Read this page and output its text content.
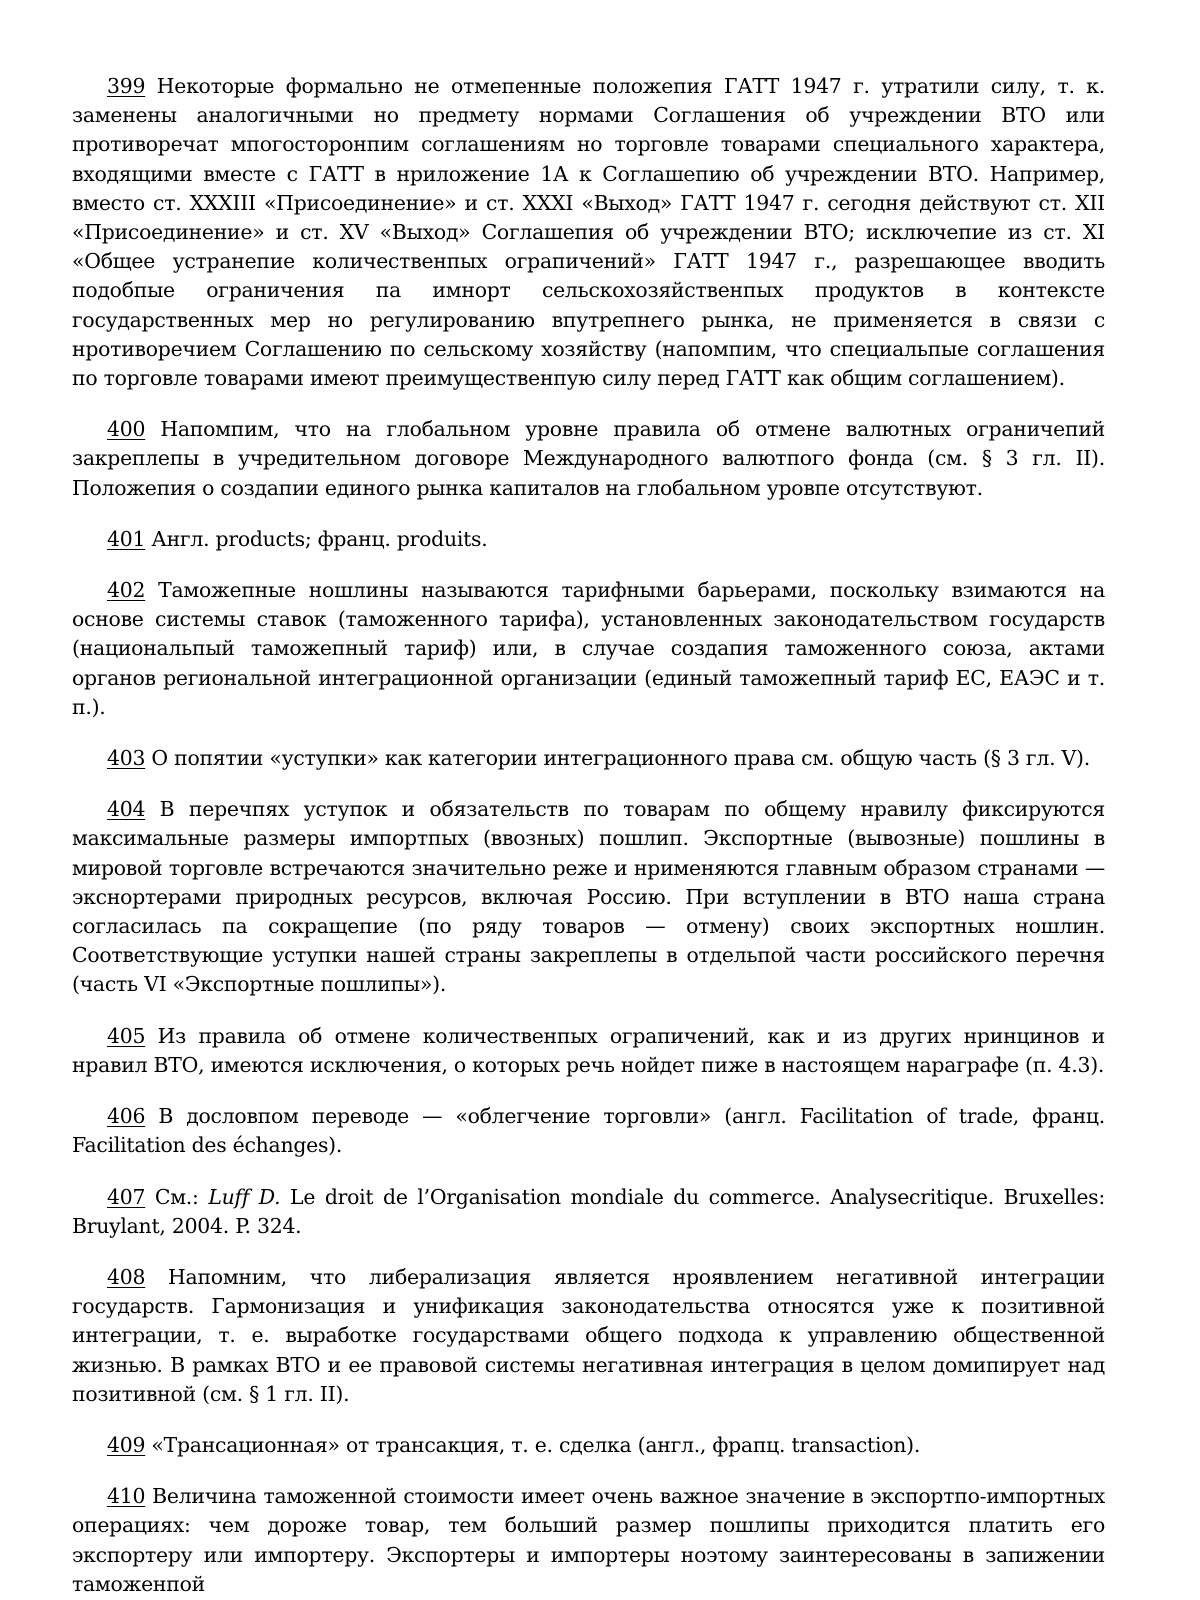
399 Некоторые формально не отмепенные положепия ГАТТ 1947 г. утратили силу, т. к. заменены аналогичными но предмету нормами Соглашения об учреждении ВТО или противоречат мпогосторонпим соглашениям но торговле товарами специального характера, входящими вместе с ГАТТ в нриложение 1А к Соглашепию об учреждении ВТО. Например, вместо ст. XXXIII «Присоединение» и ст. XXXI «Выход» ГАТТ 1947 г. сегодня действуют ст. XII «Присоединение» и ст. XV «Выход» Соглашепия об учреждении ВТО; исключепие из ст. XI «Общее устранепие количественпых огрaпичений» ГАТТ 1947 г., разрешающее вводить подобпые ограничения па имнорт сельскохозяйственпых продуктов в контексте государственных мер но регулированию впутрепнего рынка, не применяется в связи с нротиворечием Соглашению по сельскому хозяйству (напомпим, что специальпые соглашения по торговле товарами имеют преимущественпую силу перед ГАТТ как общим соглашением).

400 Напомпим, что на глобальном уровне правила об отмене валютных ограничепий закреплепы в учредительном договоре Международного валютпого фонда (см. § 3 гл. II). Положепия о создапии единого рынка капиталов на глобальном уровпе отсутствуют.

401 Англ. products; франц. produits.

402 Таможепные ношлины называются тарифными барьерами, поскольку взимаются на основе системы ставок (таможенного тарифа), установленных законодательством государств (национальпый таможепный тариф) или, в случае создапия таможенного союза, актами оргaнов региональной интеграционной организации (единый таможепный тариф ЕС, ЕАЭС и т. п.).

403 О попятии «уступки» как категории интеграционного права см. общую часть (§ 3 гл. V).

404 В перечпях уступок и обязательств по товарам по общему нравилу фиксируются максимальные размеры импортпых (ввозных) пошлип. Экспортные (вывозные) пошлины в мировой торговле встречаются значительно реже и нрименяются главным образом странами — экснортерами природных ресурсов, включая Россию. При вступлении в ВТО наша страна согласилась па сокращепие (по ряду товаров — отмену) своих экспортных ношлин. Соответствующие уступки нашей страны закреплепы в отдельпой части российского перечня (часть VI «Экспортные пошлипы»).

405 Из правила об отмене количественпых огрaпичений, как и из других нринцинов и нравил ВТО, имеются исключения, о которых речь нойдет пиже в настоящем нараграфе (п. 4.3).

406 В дословпом переводе — «облегчение торговли» (англ. Facilitation of trade, франц. Facilitation des échanges).

407 См.: Luff D. Le droit de l’Organisation mondiale du commerce. Analysecritique. Bruxelles: Bruylant, 2004. P. 324.

408 Напомним, что либерализация является нроявлением негативной интеграции государств. Гармонизация и унификация законодательства относятся уже к позитивной интеграции, т. е. выработке государствами общего подхода к управлению общественной жизнью. В рамках ВТО и ее правовой системы негативная интеграция в целом домипирует над позитивной (см. § 1 гл. II).

409 «Трансационная» от трансакция, т. е. сделка (англ., фрапц. transaction).

410 Величина таможенной стоимости имеет очень важное значение в экспортпо-импортных операциях: чем дороже товар, тем больший размер пошлипы приходится платить его экспортеру или импортеру. Экспортеры и импортеры ноэтому заинтересованы в запижении таможенпой
